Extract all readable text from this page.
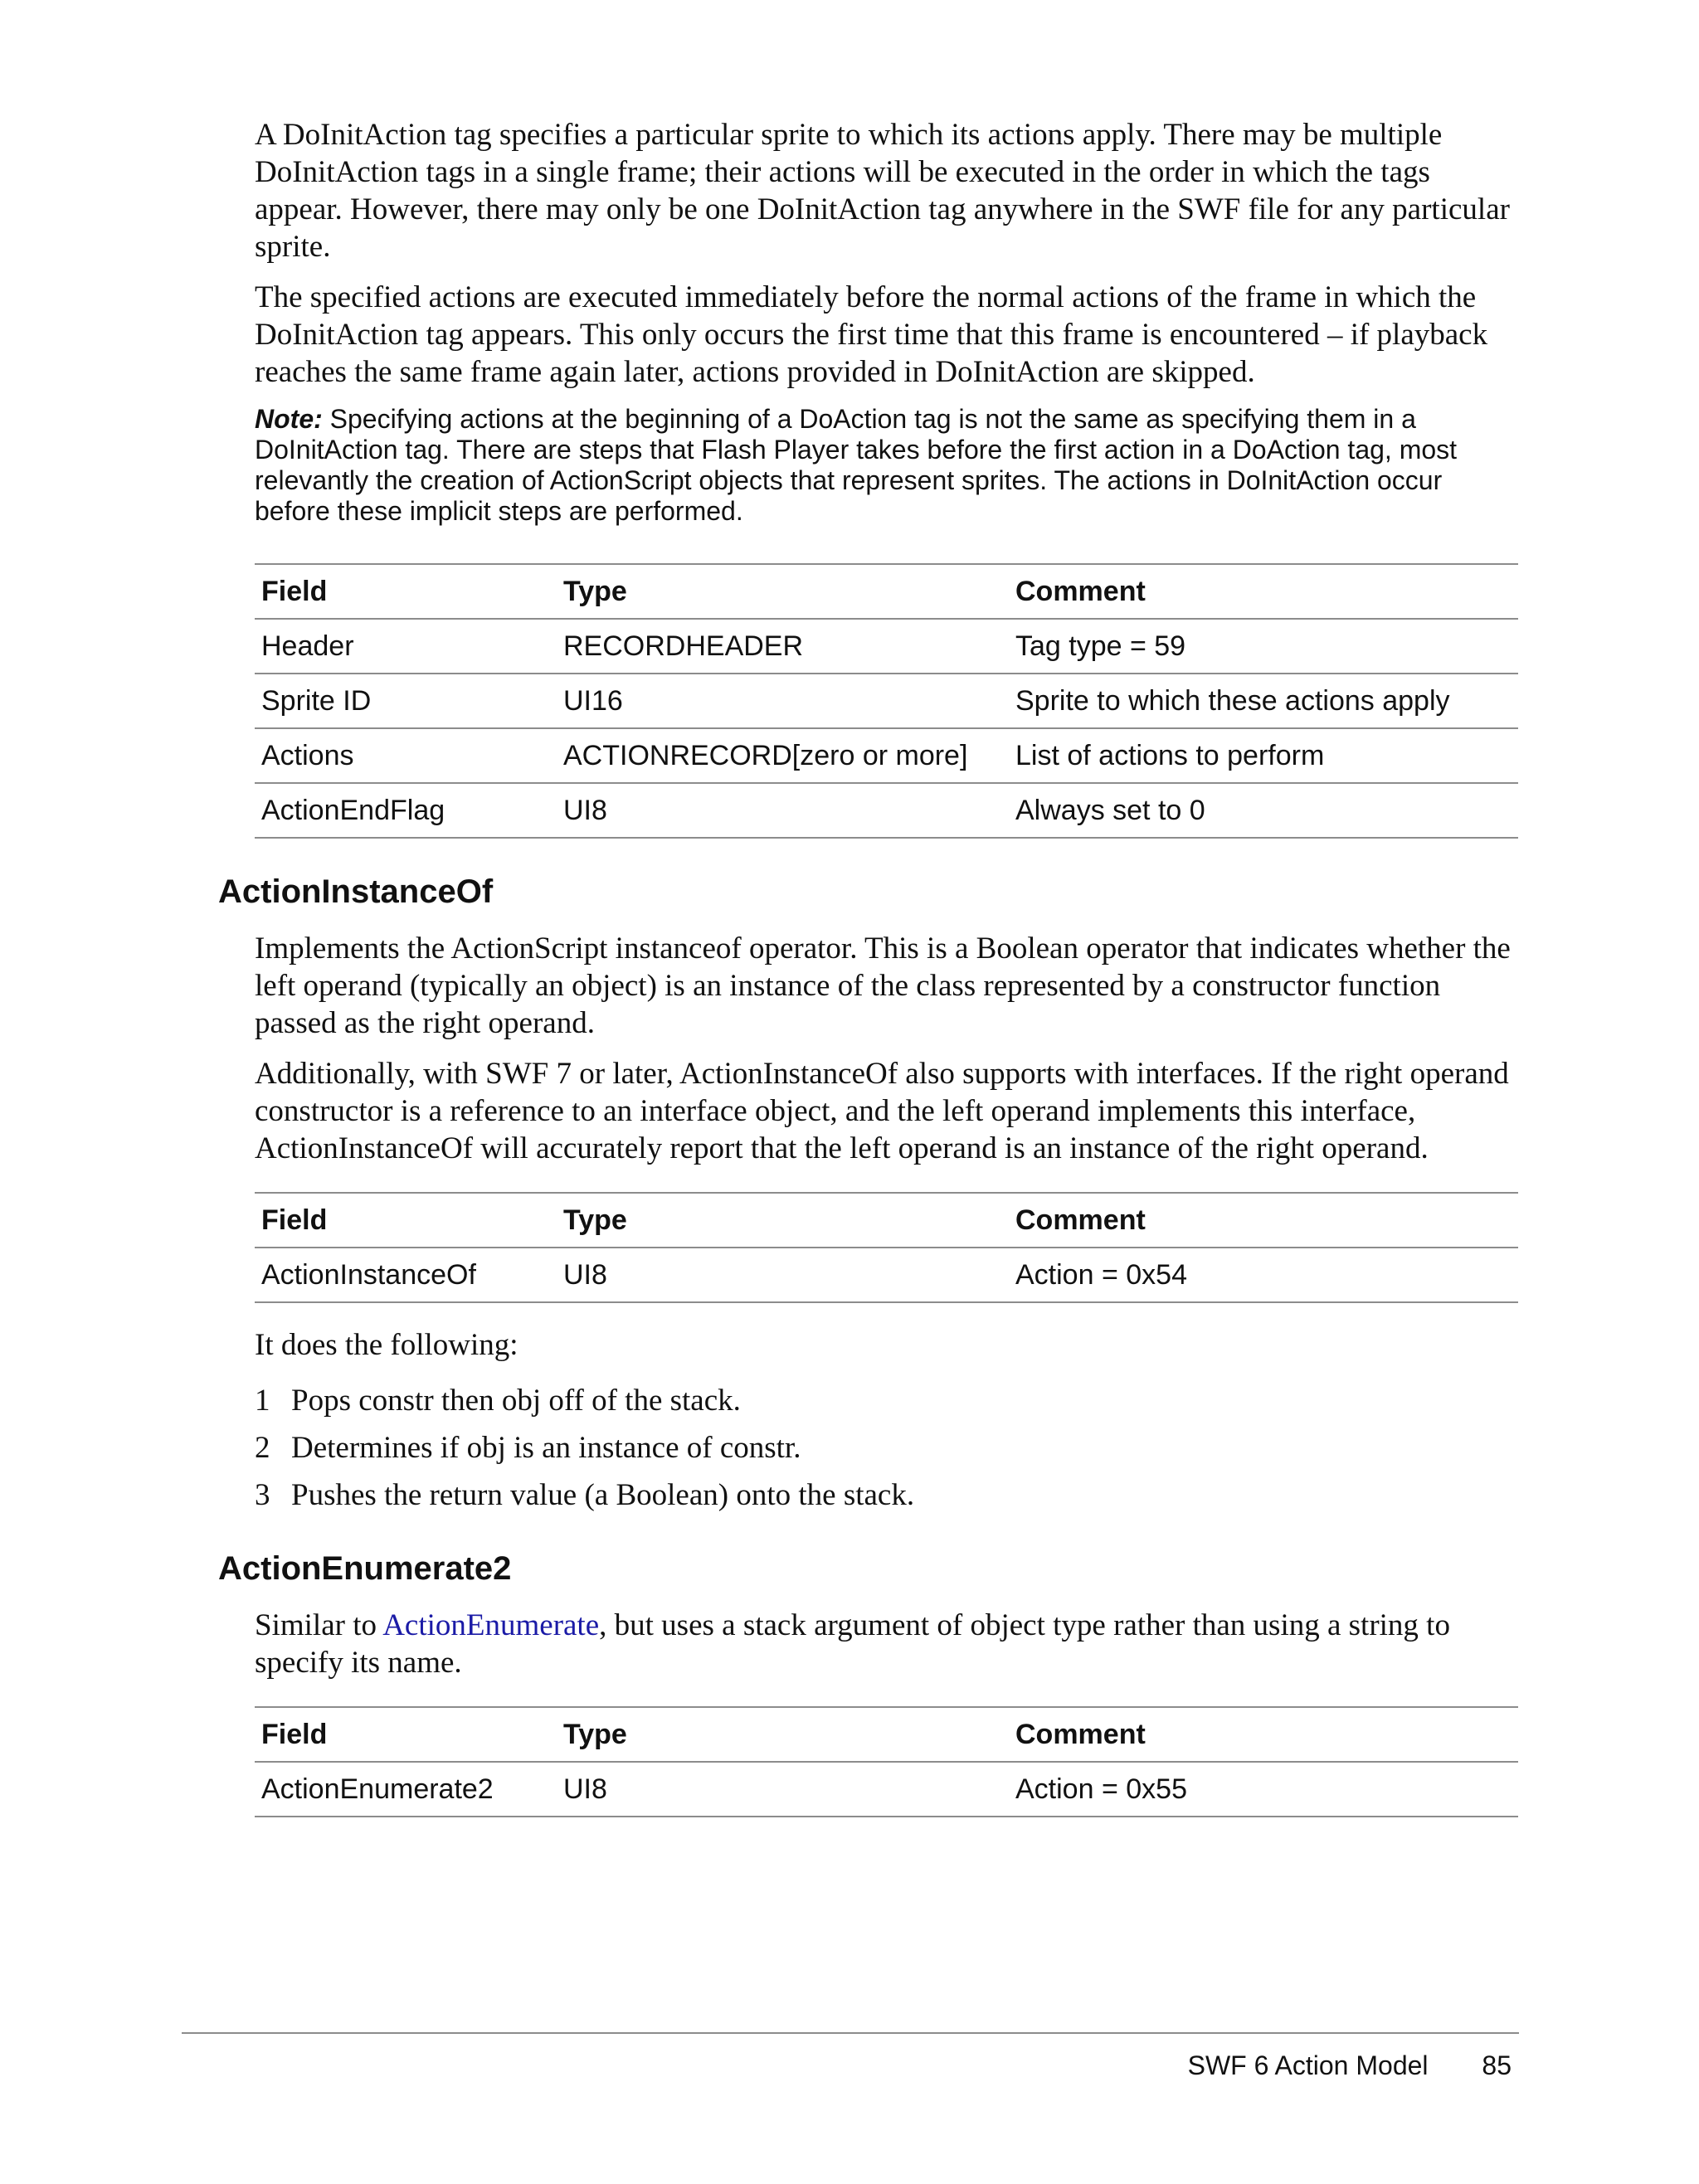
A DoInitAction tag specifies a particular sprite to which its actions apply. There may be multiple DoInitAction tags in a single frame; their actions will be executed in the order in which the tags appear. However, there may only be one DoInitAction tag anywhere in the SWF file for any particular sprite.

The specified actions are executed immediately before the normal actions of the frame in which the DoInitAction tag appears. This only occurs the first time that this frame is encountered – if playback reaches the same frame again later, actions provided in DoInitAction are skipped.

Note: Specifying actions at the beginning of a DoAction tag is not the same as specifying them in a DoInitAction tag. There are steps that Flash Player takes before the first action in a DoAction tag, most relevantly the creation of ActionScript objects that represent sprites. The actions in DoInitAction occur before these implicit steps are performed.

Field	Type	Comment
Header	RECORDHEADER	Tag type = 59
Sprite ID	UI16	Sprite to which these actions apply
Actions	ACTIONRECORD[zero or more]	List of actions to perform
ActionEndFlag	UI8	Always set to 0
ActionInstanceOf

Implements the ActionScript instanceof operator. This is a Boolean operator that indicates whether the left operand (typically an object) is an instance of the class represented by a constructor function passed as the right operand.

Additionally, with SWF 7 or later, ActionInstanceOf also supports with interfaces. If the right operand constructor is a reference to an interface object, and the left operand implements this interface, ActionInstanceOf will accurately report that the left operand is an instance of the right operand.

Field	Type	Comment
ActionInstanceOf	UI8	Action = 0x54

It does the following:

1 Pops constr then obj off of the stack.
2 Determines if obj is an instance of constr.
3 Pushes the return value (a Boolean) onto the stack.
ActionEnumerate2

Similar to ActionEnumerate, but uses a stack argument of object type rather than using a string to specify its name.

Field	Type	Comment
ActionEnumerate2	UI8	Action = 0x55
SWF 6 Action Model 85
